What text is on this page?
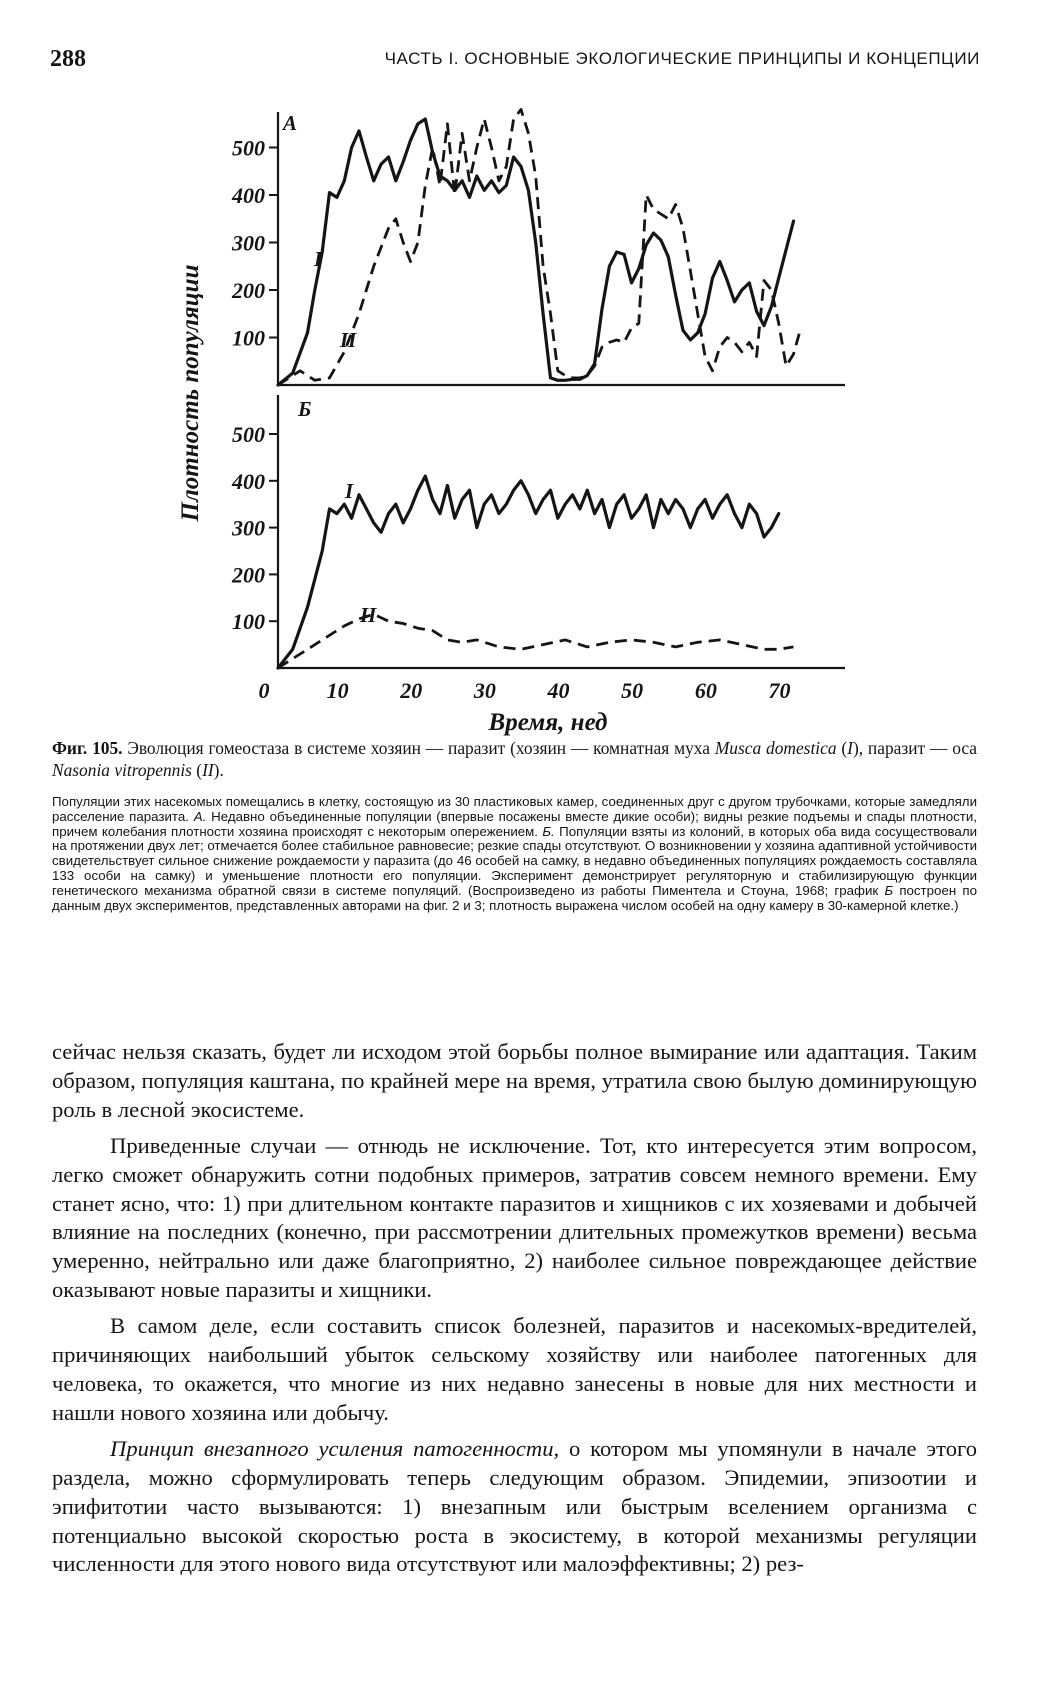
288	ЧАСТЬ I. ОСНОВНЫЕ ЭКОЛОГИЧЕСКИЕ ПРИНЦИПЫ И КОНЦЕПЦИИ
100
200
300
400
500
А
100
200
300
400
500
Б
I
II
I
II
0	10 20 30 40 50 60 70
Время, нед
Плотность популяции
Фиг. 105. Эволюция гомеостаза в системе хозяин — паразит (хозяин — комнатная муха Musca domestica (I), паразит — оса Nasonia vitropennis (II).
Популяции этих насекомых помещались в клетку, состоящую из 30 пластиковых камер, соединенных друг с другом трубочками, которые замедляли расселение паразита. А. Недавно объединенные популяции (впервые посажены вместе дикие особи); видны резкие подъемы и спады плотности, причем колебания плотности хозяина происходят с некоторым опережением. Б. Популяции взяты из колоний, в которых оба вида сосуществовали на протяжении двух лет; отмечается более стабильное равновесие; резкие спады отсутствуют. О возникновении у хозяина адаптивной устойчивости свидетельствует сильное снижение рождаемости у паразита (до 46 особей на самку, в недавно объединенных популяциях рождаемость составляла 133 особи на самку) и уменьшение плотности его популяции. Эксперимент демонстрирует регуляторную и стабилизирующую функции генетического механизма обратной связи в системе популяций. (Воспроизведено из работы Пиментела и Стоуна, 1968; график Б построен по данным двух экспериментов, представленных авторами на фиг. 2 и 3; плотность выражена числом особей на одну камеру в 30-камерной клетке.)

сейчас нельзя сказать, будет ли исходом этой борьбы полное вымирание или адаптация. Таким образом, популяция каштана, по крайней мере на время, утратила свою былую доминирующую роль в лесной экосистеме.

Приведенные случаи — отнюдь не исключение. Тот, кто интересуется этим вопросом, легко сможет обнаружить сотни подобных примеров, затратив совсем немного времени. Ему станет ясно, что: 1) при длительном контакте паразитов и хищников с их хозяевами и добычей влияние на последних (конечно, при рассмотрении длительных промежутков времени) весьма умеренно, нейтрально или даже благоприятно, 2) наиболее сильное повреждающее действие оказывают новые паразиты и хищники.

В самом деле, если составить список болезней, паразитов и насекомых-вредителей, причиняющих наибольший убыток сельскому хозяйству или наиболее патогенных для человека, то окажется, что многие из них недавно занесены в новые для них местности и нашли нового хозяина или добычу.

Принцип внезапного усиления патогенности, о котором мы упомянули в начале этого раздела, можно сформулировать теперь следующим образом. Эпидемии, эпизоотии и эпифитотии часто вызываются: 1) внезапным или быстрым вселением организма с потенциально высокой скоростью роста в экосистему, в которой механизмы регуляции численности для этого нового вида отсутствуют или малоэффективны; 2) рез-
